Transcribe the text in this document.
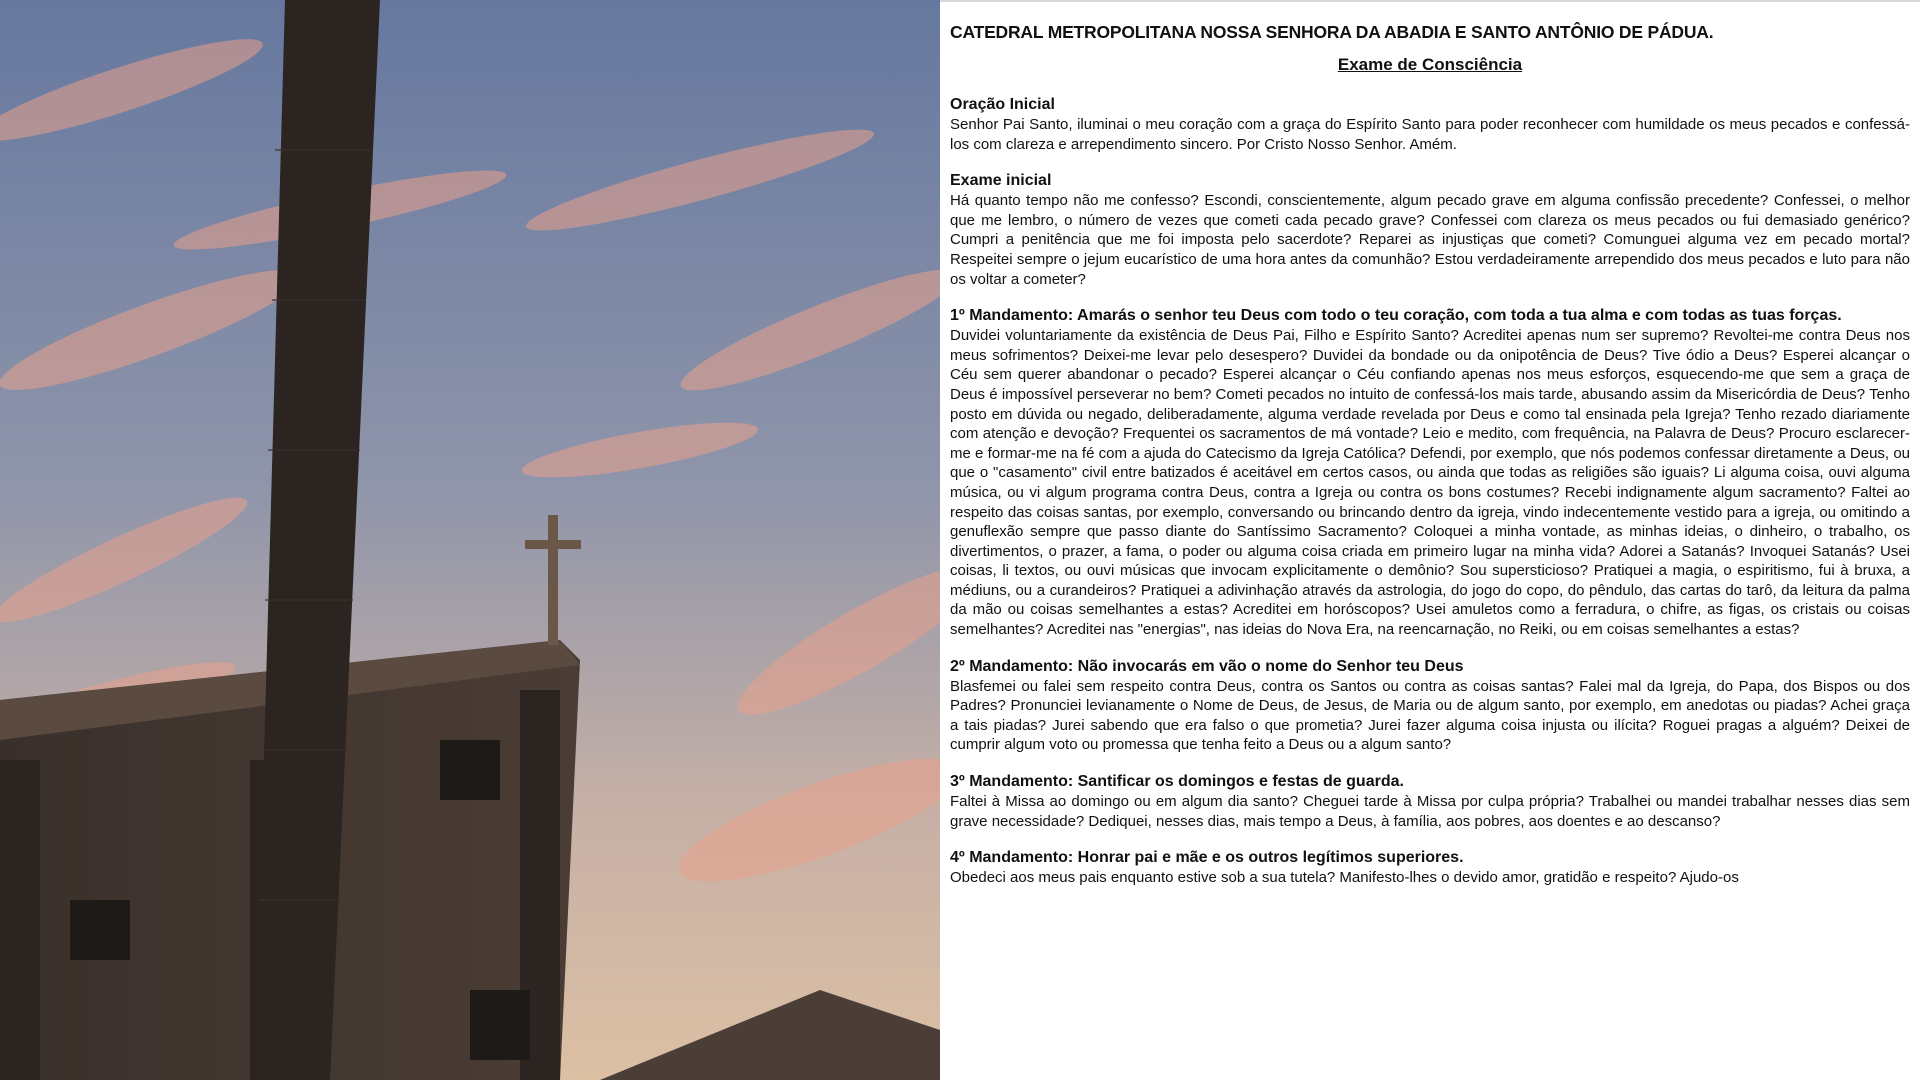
CATEDRAL METROPOLITANA NOSSA SENHORA DA ABADIA E SANTO ANTÔNIO DE PÁDUA.
Exame de Consciência
Oração Inicial
Senhor Pai Santo, iluminai o meu coração com a graça do Espírito Santo para poder reconhecer com humildade os meus pecados e confessá-los com clareza e arrependimento sincero. Por Cristo Nosso Senhor. Amém.
Exame inicial
Há quanto tempo não me confesso? Escondi, conscientemente, algum pecado grave em alguma confissão precedente? Confessei, o melhor que me lembro, o número de vezes que cometi cada pecado grave? Confessei com clareza os meus pecados ou fui demasiado genérico? Cumpri a penitência que me foi imposta pelo sacerdote? Reparei as injustiças que cometi? Comunguei alguma vez em pecado mortal? Respeitei sempre o jejum eucarístico de uma hora antes da comunhão? Estou verdadeiramente arrependido dos meus pecados e luto para não os voltar a cometer?
1º Mandamento: Amarás o senhor teu Deus com todo o teu coração, com toda a tua alma e com todas as tuas forças.
Duvidei voluntariamente da existência de Deus Pai, Filho e Espírito Santo? Acreditei apenas num ser supremo? Revoltei-me contra Deus nos meus sofrimentos? Deixei-me levar pelo desespero? Duvidei da bondade ou da onipotência de Deus? Tive ódio a Deus? Esperei alcançar o Céu sem querer abandonar o pecado? Esperei alcançar o Céu confiando apenas nos meus esforços, esquecendo-me que sem a graça de Deus é impossível perseverar no bem? Cometi pecados no intuito de confessá-los mais tarde, abusando assim da Misericórdia de Deus? Tenho posto em dúvida ou negado, deliberadamente, alguma verdade revelada por Deus e como tal ensinada pela Igreja? Tenho rezado diariamente com atenção e devoção? Frequentei os sacramentos de má vontade? Leio e medito, com frequência, na Palavra de Deus? Procuro esclarecer-me e formar-me na fé com a ajuda do Catecismo da Igreja Católica? Defendi, por exemplo, que nós podemos confessar diretamente a Deus, ou que o "casamento" civil entre batizados é aceitável em certos casos, ou ainda que todas as religiões são iguais? Li alguma coisa, ouvi alguma música, ou vi algum programa contra Deus, contra a Igreja ou contra os bons costumes? Recebi indignamente algum sacramento? Faltei ao respeito das coisas santas, por exemplo, conversando ou brincando dentro da igreja, vindo indecentemente vestido para a igreja, ou omitindo a genuflexão sempre que passo diante do Santíssimo Sacramento? Coloquei a minha vontade, as minhas ideias, o dinheiro, o trabalho, os divertimentos, o prazer, a fama, o poder ou alguma coisa criada em primeiro lugar na minha vida? Adorei a Satanás? Invoquei Satanás? Usei coisas, li textos, ou ouvi músicas que invocam explicitamente o demônio? Sou supersticioso? Pratiquei a magia, o espiritismo, fui à bruxa, a médiuns, ou a curandeiros? Pratiquei a adivinhação através da astrologia, do jogo do copo, do pêndulo, das cartas do tarô, da leitura da palma da mão ou coisas semelhantes a estas? Acreditei em horóscopos? Usei amuletos como a ferradura, o chifre, as figas, os cristais ou coisas semelhantes? Acreditei nas "energias", nas ideias do Nova Era, na reencarnação, no Reiki, ou em coisas semelhantes a estas?
2º Mandamento: Não invocarás em vão o nome do Senhor teu Deus
Blasfemei ou falei sem respeito contra Deus, contra os Santos ou contra as coisas santas? Falei mal da Igreja, do Papa, dos Bispos ou dos Padres? Pronunciei levianamente o Nome de Deus, de Jesus, de Maria ou de algum santo, por exemplo, em anedotas ou piadas? Achei graça a tais piadas? Jurei sabendo que era falso o que prometia? Jurei fazer alguma coisa injusta ou ilícita? Roguei pragas a alguém? Deixei de cumprir algum voto ou promessa que tenha feito a Deus ou a algum santo?
3º Mandamento: Santificar os domingos e festas de guarda.
Faltei à Missa ao domingo ou em algum dia santo? Cheguei tarde à Missa por culpa própria? Trabalhei ou mandei trabalhar nesses dias sem grave necessidade? Dediquei, nesses dias, mais tempo a Deus, à família, aos pobres, aos doentes e ao descanso?
4º Mandamento: Honrar pai e mãe e os outros legítimos superiores.
Obedeci aos meus pais enquanto estive sob a sua tutela? Manifesto-lhes o devido amor, gratidão e respeito? Ajudo-os
